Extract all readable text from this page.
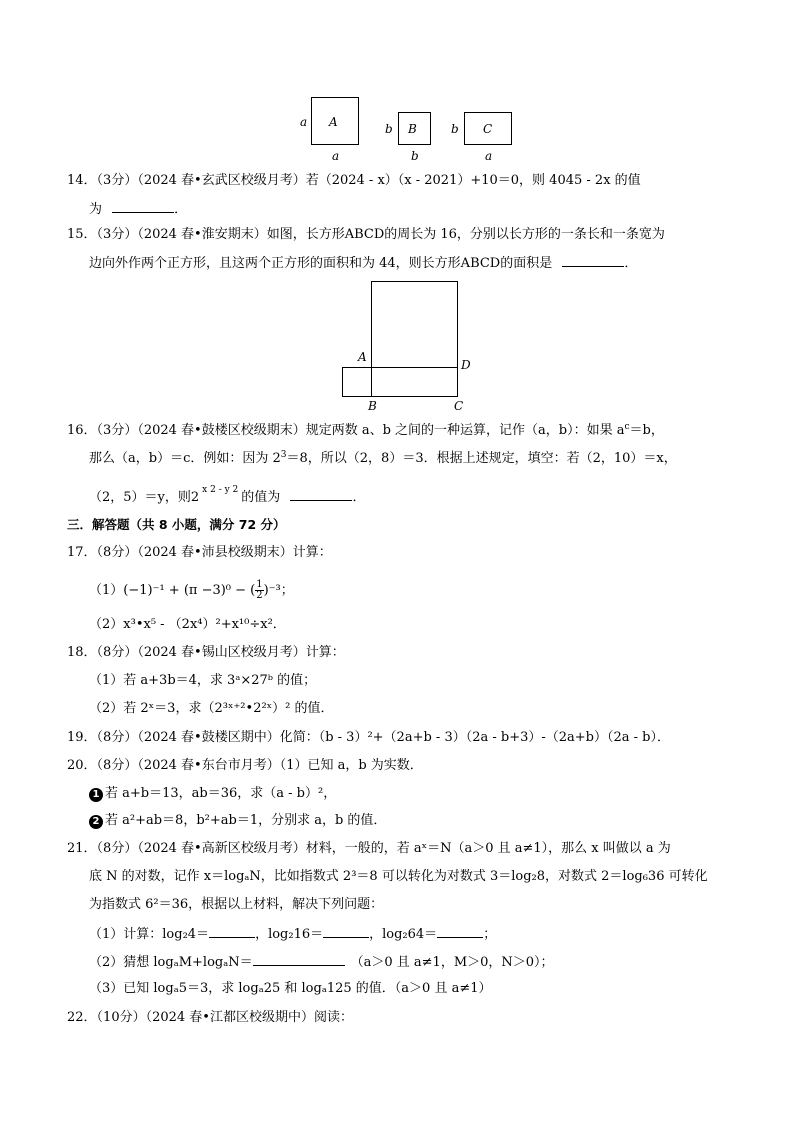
A
a
a
B
b
b
C
b
a
14．（3分）（2024 春•玄武区校级月考）若（2024 - x）（x - 2021）+10＝0，则 4045 - 2x 的值
为	．
15．（3分）（2024 春•淮安期末）如图，长方形ABCD的周长为 16，分别以长方形的一条长和一条宽为
边向外作两个正方形，且这两个正方形的面积和为 44，则长方形ABCD的面积是	．
A
D
B	C
16．（3分）（2024 春•鼓楼区校级期末）规定两数 a、b 之间的一种运算，记作（a，b）：如果 $a^c=b$，
那么（a，b）＝c．例如：因为 $2^3=8$，所以（2，8）＝3．根据上述规定，填空：若（2，10）＝x，
（2，5）＝y，则2 $^{x 2 - y 2}$ 的值为	．
三．解答题（共 8 小题，满分 72 分）
17．（8分）（2024 春•沛县校级期末）计算：
（1）(−1)⁻¹ + (π −3)⁰ − ( $\frac{1}{2} )^{-3}$；
（2）x³•x⁵ - （2x⁴）²+x¹⁰÷x²．
18．（8分）（2024 春•锡山区校级月考）计算：
（1）若 a+3b＝4，求 3ᵃ×27ᵇ 的值；
（2）若 2ˣ＝3，求（2³ˣ⁺²•2²ˣ）² 的值．
19．（8分）（2024 春•鼓楼区期中）化简：（b - 3）²+（2a+b - 3）（2a - b+3）-（2a+b）（2a - b）．
20．（8分）（2024 春•东台市月考）（1）已知 a，b 为实数．
1 若 a+b＝13，ab＝36，求（a - b）²，
2 若 a²+ab＝8，b²+ab＝1，分别求 a，b 的值．
21．（8分）（2024 春•高新区校级月考）材料，一般的，若 aˣ＝N（a＞0 且 a≠1），那么 x 叫做以 a 为
底 N 的对数，记作 x＝logₐN，比如指数式 2³＝8 可以转化为对数式 3＝log₂8，对数式 2＝log₆36 可转化
为指数式 6²＝36，根据以上材料，解决下列问题：
（1）计算：log₂4＝	，log₂16＝	，log₂64＝	；
（2）猜想 logₐM+logₐN＝	（a＞0 且 a≠1，M＞0，N＞0）；
（3）已知 logₐ5＝3，求 logₐ25 和 logₐ125 的值．（a＞0 且 a≠1）
22．（10分）（2024 春•江都区校级期中）阅读：
